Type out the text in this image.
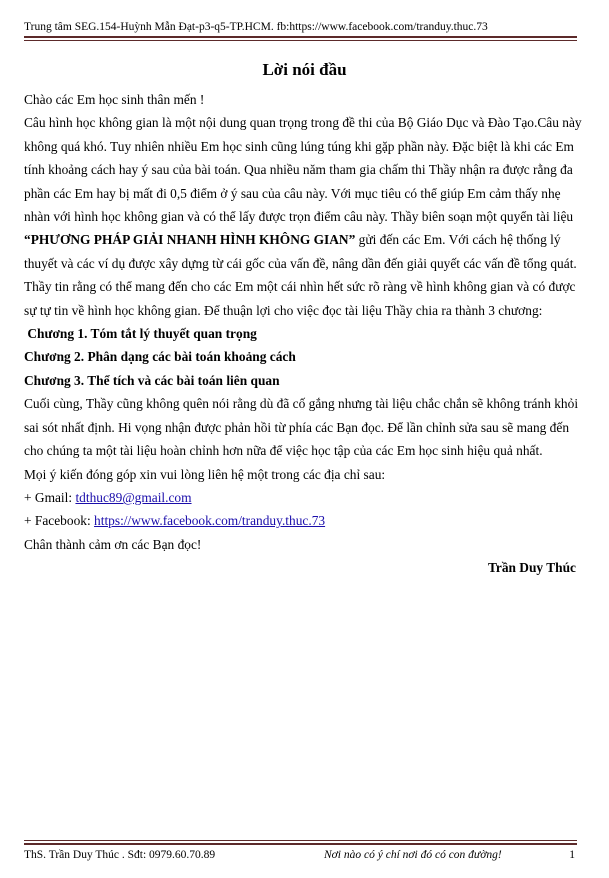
Trung tâm SEG.154-Huỳnh Mẫn Đạt-p3-q5-TP.HCM. fb:https://www.facebook.com/tranduy.thuc.73
Lời nói đầu

Chào các Em học sinh thân mến !

Câu hình học không gian là một nội dung quan trọng trong đề thi của Bộ Giáo Dục và Đào Tạo.Câu này không quá khó. Tuy nhiên nhiều Em học sinh cũng lúng túng khi gặp phần này. Đặc biệt là khi các Em tính khoảng cách hay ý sau của bài toán. Qua nhiều năm tham gia chấm thi Thầy nhận ra được rằng đa phần các Em hay bị mất đi 0,5 điểm ở ý sau của câu này. Với mục tiêu có thể giúp Em cảm thấy nhẹ nhàn với hình học không gian và có thể lấy được trọn điểm câu này. Thầy biên soạn một quyển tài liệu “PHƯƠNG PHÁP GIẢI NHANH HÌNH KHÔNG GIAN” gửi đến các Em. Với cách hệ thống lý thuyết và các ví dụ được xây dựng từ cái gốc của vấn đề, nâng dần đến giải quyết các vấn đề tổng quát. Thầy tin rằng có thể mang đến cho các Em một cái nhìn hết sức rõ ràng về hình không gian và có được sự tự tin về hình học không gian. Để thuận lợi cho việc đọc tài liệu Thầy chia ra thành 3 chương:

Chương 1. Tóm tắt lý thuyết quan trọng

Chương 2. Phân dạng các bài toán khoảng cách

Chương 3. Thể tích và các bài toán liên quan

Cuối cùng, Thầy cũng không quên nói rằng dù đã cố gắng nhưng tài liệu chắc chắn sẽ không tránh khỏi sai sót nhất định. Hi vọng nhận được phản hồi từ phía các Bạn đọc. Để lần chỉnh sửa sau sẽ mang đến cho chúng ta một tài liệu hoàn chỉnh hơn nữa để việc học tập của các Em học sinh hiệu quả nhất.

Mọi ý kiến đóng góp xin vui lòng liên hệ một trong các địa chỉ sau:

+ Gmail: tdthuc89@gmail.com

+ Facebook: https://www.facebook.com/tranduy.thuc.73

Chân thành cảm ơn các Bạn đọc!

Trần Duy Thúc

ThS. Trần Duy Thúc . Sđt: 0979.60.70.89	Nơi nào có ý chí nơi đó có con đường!	1
